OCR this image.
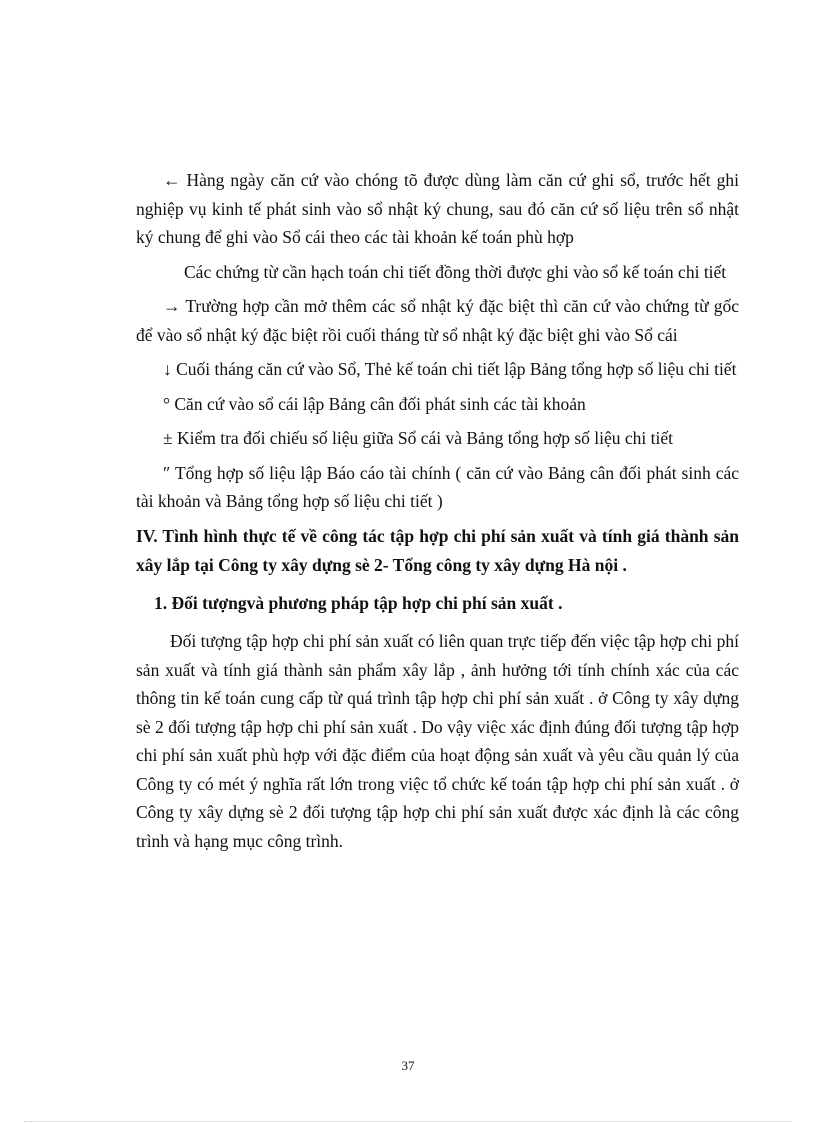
← Hàng ngày căn cứ vào chóng tõ được dùng làm căn cứ ghi sổ, trước hết ghi nghiệp vụ kinh tế phát sinh vào sổ nhật ký chung, sau đó căn cứ số liệu trên sổ nhật ký chung để ghi vào Sổ cái theo các tài khoản kế toán phù hợp

Các chứng từ cần hạch toán chi tiết đồng thời được ghi vào sổ kế toán chi tiết

→ Trường hợp cần mở thêm các sổ nhật ký đặc biệt thì căn cứ vào chứng từ gốc để vào sổ nhật ký đặc biệt rồi cuối tháng từ sổ nhật ký đặc biệt ghi vào Sổ cái

↓ Cuối tháng căn cứ vào Sổ, Thẻ kế toán chi tiết lập Bảng tổng hợp số liệu chi tiết

° Căn cứ vào sổ cái lập Bảng cân đối phát sinh các tài khoản

± Kiểm tra đối chiếu số liệu giữa Sổ cái và Bảng tổng hợp số liệu chi tiết

″ Tổng hợp số liệu lập Báo cáo tài chính ( căn cứ vào Bảng cân đối phát sinh các tài khoản và Bảng tổng hợp số liệu chi tiết )

IV. Tình hình thực tế về công tác tập hợp chi phí sản xuất và tính giá thành sản xây lắp tại Công ty xây dựng sè 2- Tổng công ty xây dựng Hà nội .

1. Đối tượngvà phương pháp tập hợp chi phí sản xuất .

Đối tượng tập hợp chi phí sản xuất có liên quan trực tiếp đến việc tập hợp chi phí sản xuất và tính giá thành sản phẩm xây lắp , ảnh hưởng tới tính chính xác của các thông tin kế toán cung cấp từ quá trình tập hợp chi phí sản xuất . ở Công ty xây dựng sè 2 đối tượng tập hợp chi phí sản xuất . Do vậy việc xác định đúng đối tượng tập hợp chi phí sản xuất phù hợp với đặc điểm của hoạt động sản xuất và yêu cầu quản lý của Công ty có mét ý nghĩa rất lớn trong việc tổ chức kế toán tập hợp chi phí sản xuất . ở Công ty xây dựng sè 2 đối tượng tập hợp chi phí sản xuất được xác định là các công trình và hạng mục công trình.

37
